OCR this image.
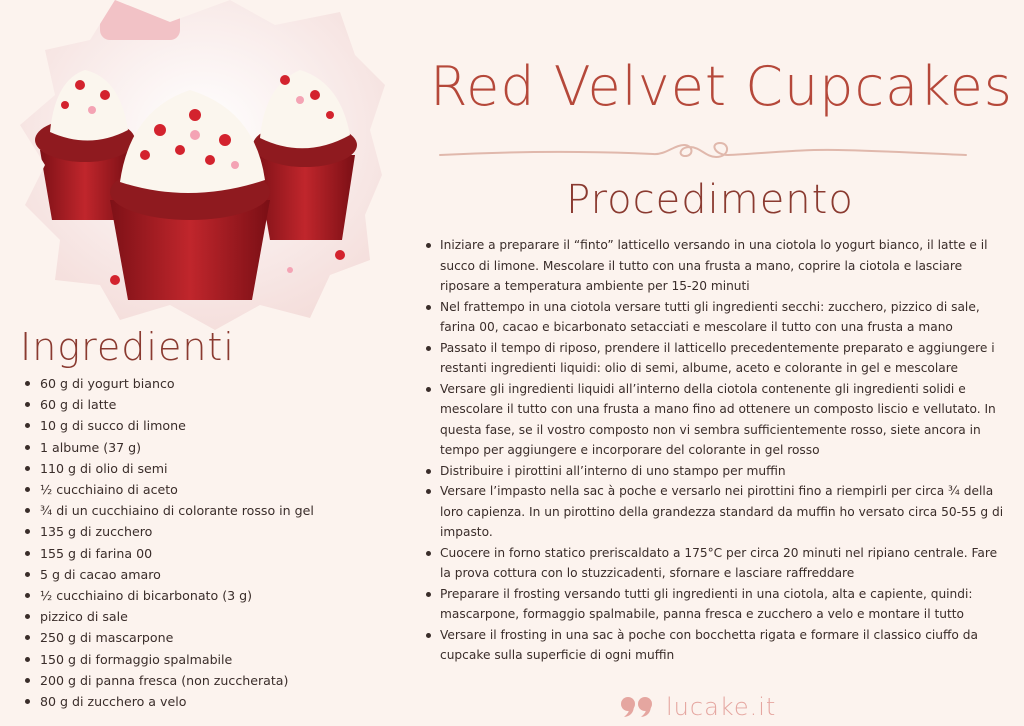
Red Velvet Cupcakes
Procedimento
Iniziare a preparare il “finto” latticello versando in una ciotola lo yogurt bianco, il latte e il succo di limone. Mescolare il tutto con una frusta a mano, coprire la ciotola e lasciare riposare a temperatura ambiente per 15-20 minuti
Nel frattempo in una ciotola versare tutti gli ingredienti secchi: zucchero, pizzico di sale, farina 00, cacao e bicarbonato setacciati e mescolare il tutto con una frusta a mano
Passato il tempo di riposo, prendere il latticello precedentemente preparato e aggiungere i restanti ingredienti liquidi: olio di semi, albume, aceto e colorante in gel e mescolare
Versare gli ingredienti liquidi all’interno della ciotola contenente gli ingredienti solidi e mescolare il tutto con una frusta a mano fino ad ottenere un composto liscio e vellutato. In questa fase, se il vostro composto non vi sembra sufficientemente rosso, siete ancora in tempo per aggiungere e incorporare del colorante in gel rosso
Distribuire i pirottini all’interno di uno stampo per muffin
Versare l’impasto nella sac à poche e versarlo nei pirottini fino a riempirli per circa ¾ della loro capienza. In un pirottino della grandezza standard da muffin ho versato circa 50-55 g di impasto.
Cuocere in forno statico preriscaldato a 175°C per circa 20 minuti nel ripiano centrale. Fare la prova cottura con lo stuzzicadenti, sfornare e lasciare raffreddare
Preparare il frosting versando tutti gli ingredienti in una ciotola, alta e capiente, quindi: mascarpone, formaggio spalmabile, panna fresca e zucchero a velo e montare il tutto
Versare il frosting in una sac à poche con bocchetta rigata e formare il classico ciuffo da cupcake sulla superficie di ogni muffin
Ingredienti
60 g di yogurt bianco
60 g di latte
10 g di succo di limone
1 albume (37 g)
110 g di olio di semi
½ cucchiaino di aceto
¾ di un cucchiaino di colorante rosso in gel
135 g di zucchero
155 g di farina 00
5 g di cacao amaro
½ cucchiaino di bicarbonato (3 g)
pizzico di sale
250 g di mascarpone
150 g di formaggio spalmabile
200 g di panna fresca (non zuccherata)
80 g di zucchero a velo	lucake.it
